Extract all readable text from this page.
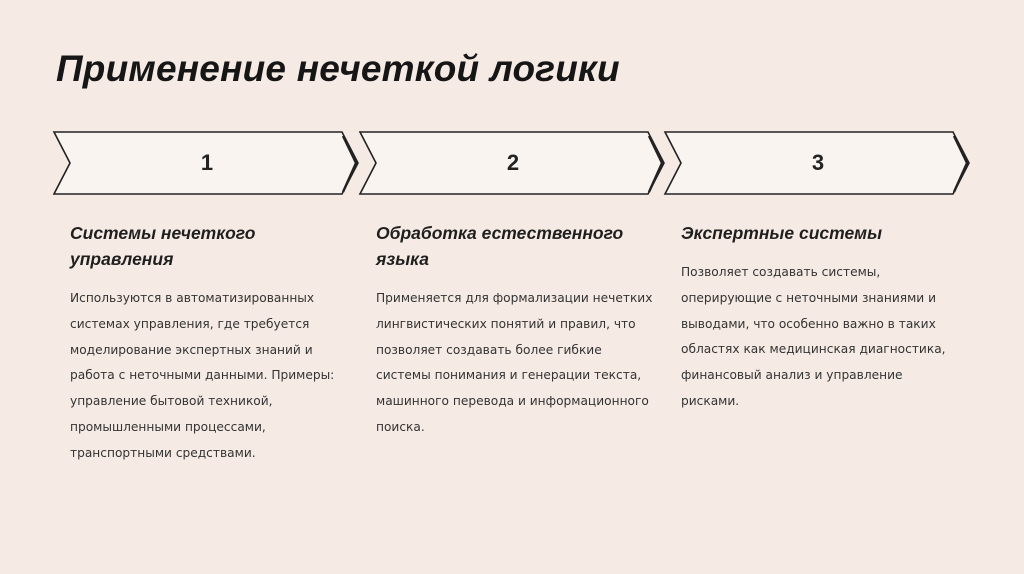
Применение нечеткой логики
1	2	3
Системы нечеткого управления

Используются в автоматизированных системах управления, где требуется моделирование экспертных знаний и работа с неточными данными. Примеры: управление бытовой техникой, промышленными процессами, транспортными средствами.

Обработка естественного языка

Применяется для формализации нечетких лингвистических понятий и правил, что позволяет создавать более гибкие системы понимания и генерации текста, машинного перевода и информационного поиска.

Экспертные системы

Позволяет создавать системы, оперирующие с неточными знаниями и выводами, что особенно важно в таких областях как медицинская диагностика, финансовый анализ и управление рисками.
